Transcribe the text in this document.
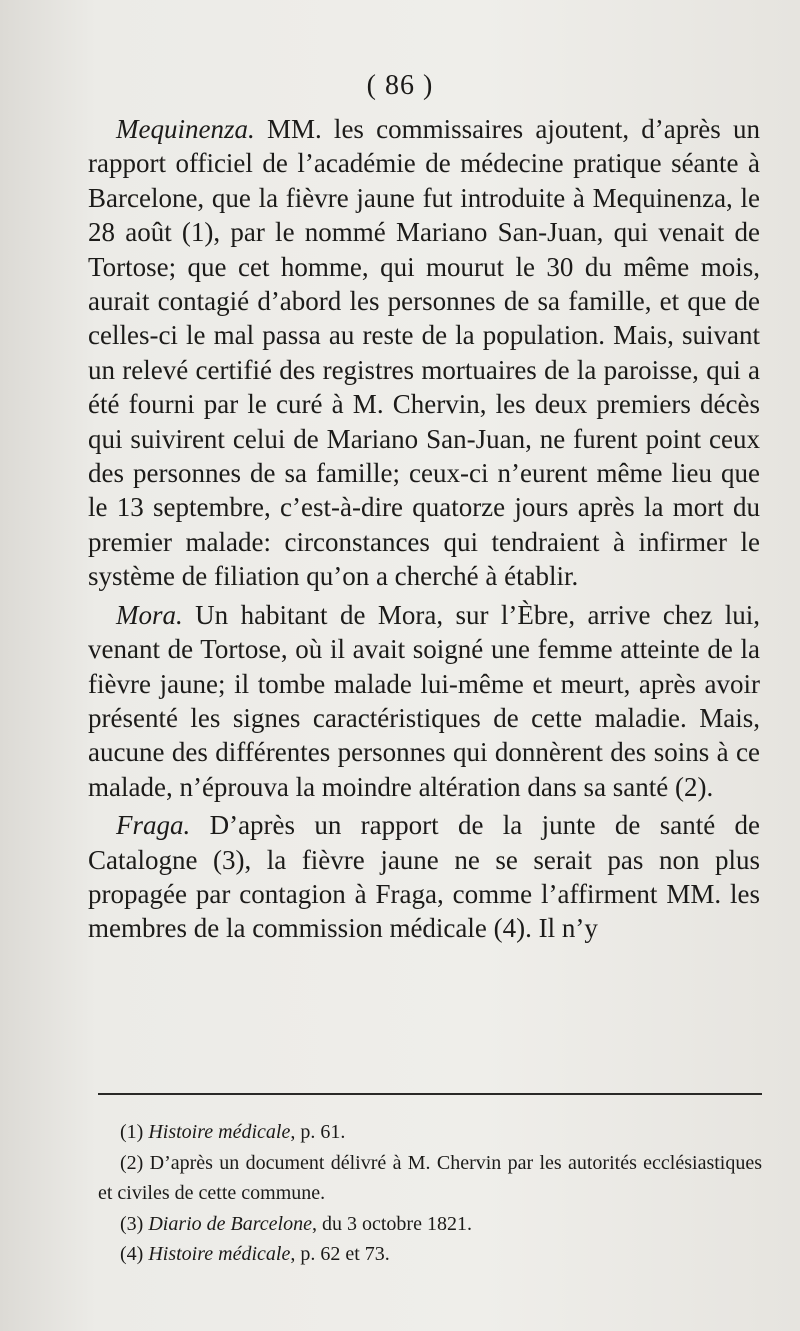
( 86 )

Mequinenza. MM. les commissaires ajoutent, d’après un rapport officiel de l’académie de médecine pratique séante à Barcelone, que la fièvre jaune fut introduite à Mequinenza, le 28 août (1), par le nommé Mariano San-Juan, qui venait de Tortose; que cet homme, qui mourut le 30 du même mois, aurait contagié d’abord les personnes de sa famille, et que de celles-ci le mal passa au reste de la population. Mais, suivant un relevé certifié des registres mortuaires de la paroisse, qui a été fourni par le curé à M. Chervin, les deux premiers décès qui suivirent celui de Mariano San-Juan, ne furent point ceux des personnes de sa famille; ceux-ci n’eurent même lieu que le 13 septembre, c’est-à-dire quatorze jours après la mort du premier malade: circonstances qui tendraient à infirmer le système de filiation qu’on a cherché à établir.

Mora. Un habitant de Mora, sur l’Èbre, arrive chez lui, venant de Tortose, où il avait soigné une femme atteinte de la fièvre jaune; il tombe malade lui-même et meurt, après avoir présenté les signes caractéristiques de cette maladie. Mais, aucune des différentes personnes qui donnèrent des soins à ce malade, n’éprouva la moindre altération dans sa santé (2).

Fraga. D’après un rapport de la junte de santé de Catalogne (3), la fièvre jaune ne se serait pas non plus propagée par contagion à Fraga, comme l’affirment MM. les membres de la commission médicale (4). Il n’y

(1) Histoire médicale, p. 61.

(2) D’après un document délivré à M. Chervin par les autorités ecclésiastiques et civiles de cette commune.

(3) Diario de Barcelone, du 3 octobre 1821.

(4) Histoire médicale, p. 62 et 73.
